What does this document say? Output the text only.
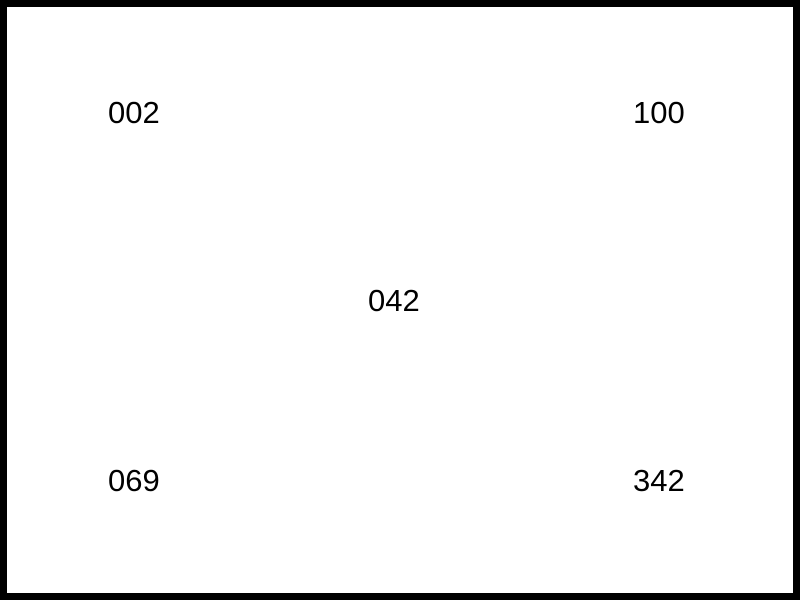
002	100
042
069	342
